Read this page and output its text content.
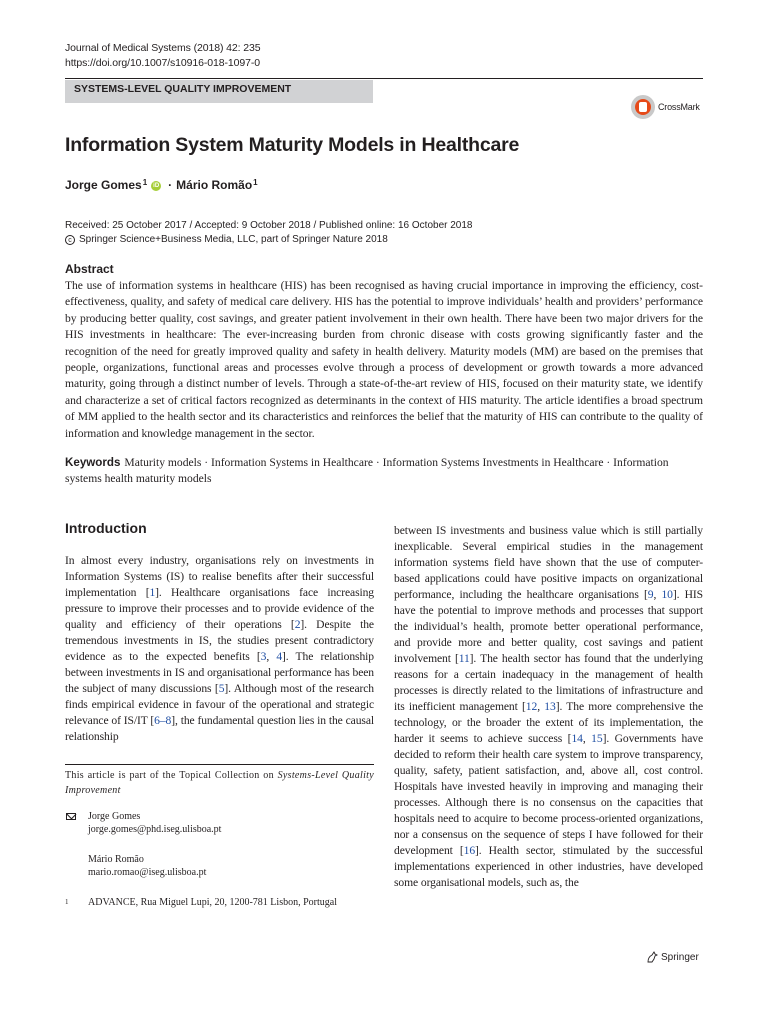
Journal of Medical Systems (2018) 42: 235
https://doi.org/10.1007/s10916-018-1097-0
SYSTEMS-LEVEL QUALITY IMPROVEMENT
CrossMark
Information System Maturity Models in Healthcare
Jorge Gomes$^1$	iD · Mário Romão$^1$
Received: 25 October 2017 / Accepted: 9 October 2018 / Published online: 16 October 2018
c Springer Science+Business Media, LLC, part of Springer Nature 2018
Abstract

The use of information systems in healthcare (HIS) has been recognised as having crucial importance in improving the efficiency, cost-effectiveness, quality, and safety of medical care delivery. HIS has the potential to improve individuals’ health and providers’ performance by producing better quality, cost savings, and greater patient involvement in their own health. There have been two major drivers for the HIS investments in healthcare: The ever-increasing burden from chronic disease with costs growing significantly faster and the recognition of the need for greatly improved quality and safety in health delivery. Maturity models (MM) are based on the premises that people, organizations, functional areas and processes evolve through a process of development or growth towards a more advanced maturity, going through a distinct number of levels. Through a state-of-the-art review of HIS, focused on their maturity state, we identify and characterize a set of critical factors recognized as determinants in the context of HIS maturity. The article identifies a broad spectrum of MM applied to the health sector and its characteristics and reinforces the belief that the maturity of HIS can contribute to the quality of information and knowledge management in the sector.

Keywords Maturity models · Information Systems in Healthcare · Information Systems Investments in Healthcare · Information systems health maturity models

Introduction

In almost every industry, organisations rely on investments in Information Systems (IS) to realise benefits after their successful implementation [1]. Healthcare organisations face increasing pressure to improve their processes and to provide evidence of the quality and efficiency of their operations [2]. Despite the tremendous investments in IS, the studies present contradictory evidence as to the expected benefits [3, 4]. The relationship between investments in IS and organisational performance has been the subject of many discussions [5]. Although most of the research finds empirical evidence in favour of the operational and strategic relevance of IS/IT [6–8], the fundamental question lies in the causal relationship

between IS investments and business value which is still partially inexplicable. Several empirical studies in the management information systems field have shown that the use of computer-based applications could have positive impacts on organizational performance, including the healthcare organisations [9, 10]. HIS have the potential to improve methods and processes that support the individual’s health, promote better operational performance, and provide more and better quality, cost savings and patient involvement [11]. The health sector has found that the underlying reasons for a certain inadequacy in the management of health processes is directly related to the limitations of infrastructure and its inefficient management [12, 13]. The more comprehensive the technology, or the broader the extent of its implementation, the harder it seems to achieve success [14, 15]. Governments have decided to reform their health care system to improve transparency, quality, safety, patient satisfaction, and, above all, cost control. Hospitals have invested heavily in improving and managing their processes. Although there is no consensus on the capacities that hospitals need to acquire to become process-oriented organizations, nor a consensus on the sequence of steps I have followed for their development [16]. Health sector, stimulated by the successful implementations experienced in other industries, have developed some organisational models, such as, the

This article is part of the Topical Collection on Systems-Level Quality Improvement

Jorge Gomes
jorge.gomes@phd.iseg.ulisboa.pt
Mário Romão
mario.romao@iseg.ulisboa.pt
1	ADVANCE, Rua Miguel Lupi, 20, 1200-781 Lisbon, Portugal
Springer
